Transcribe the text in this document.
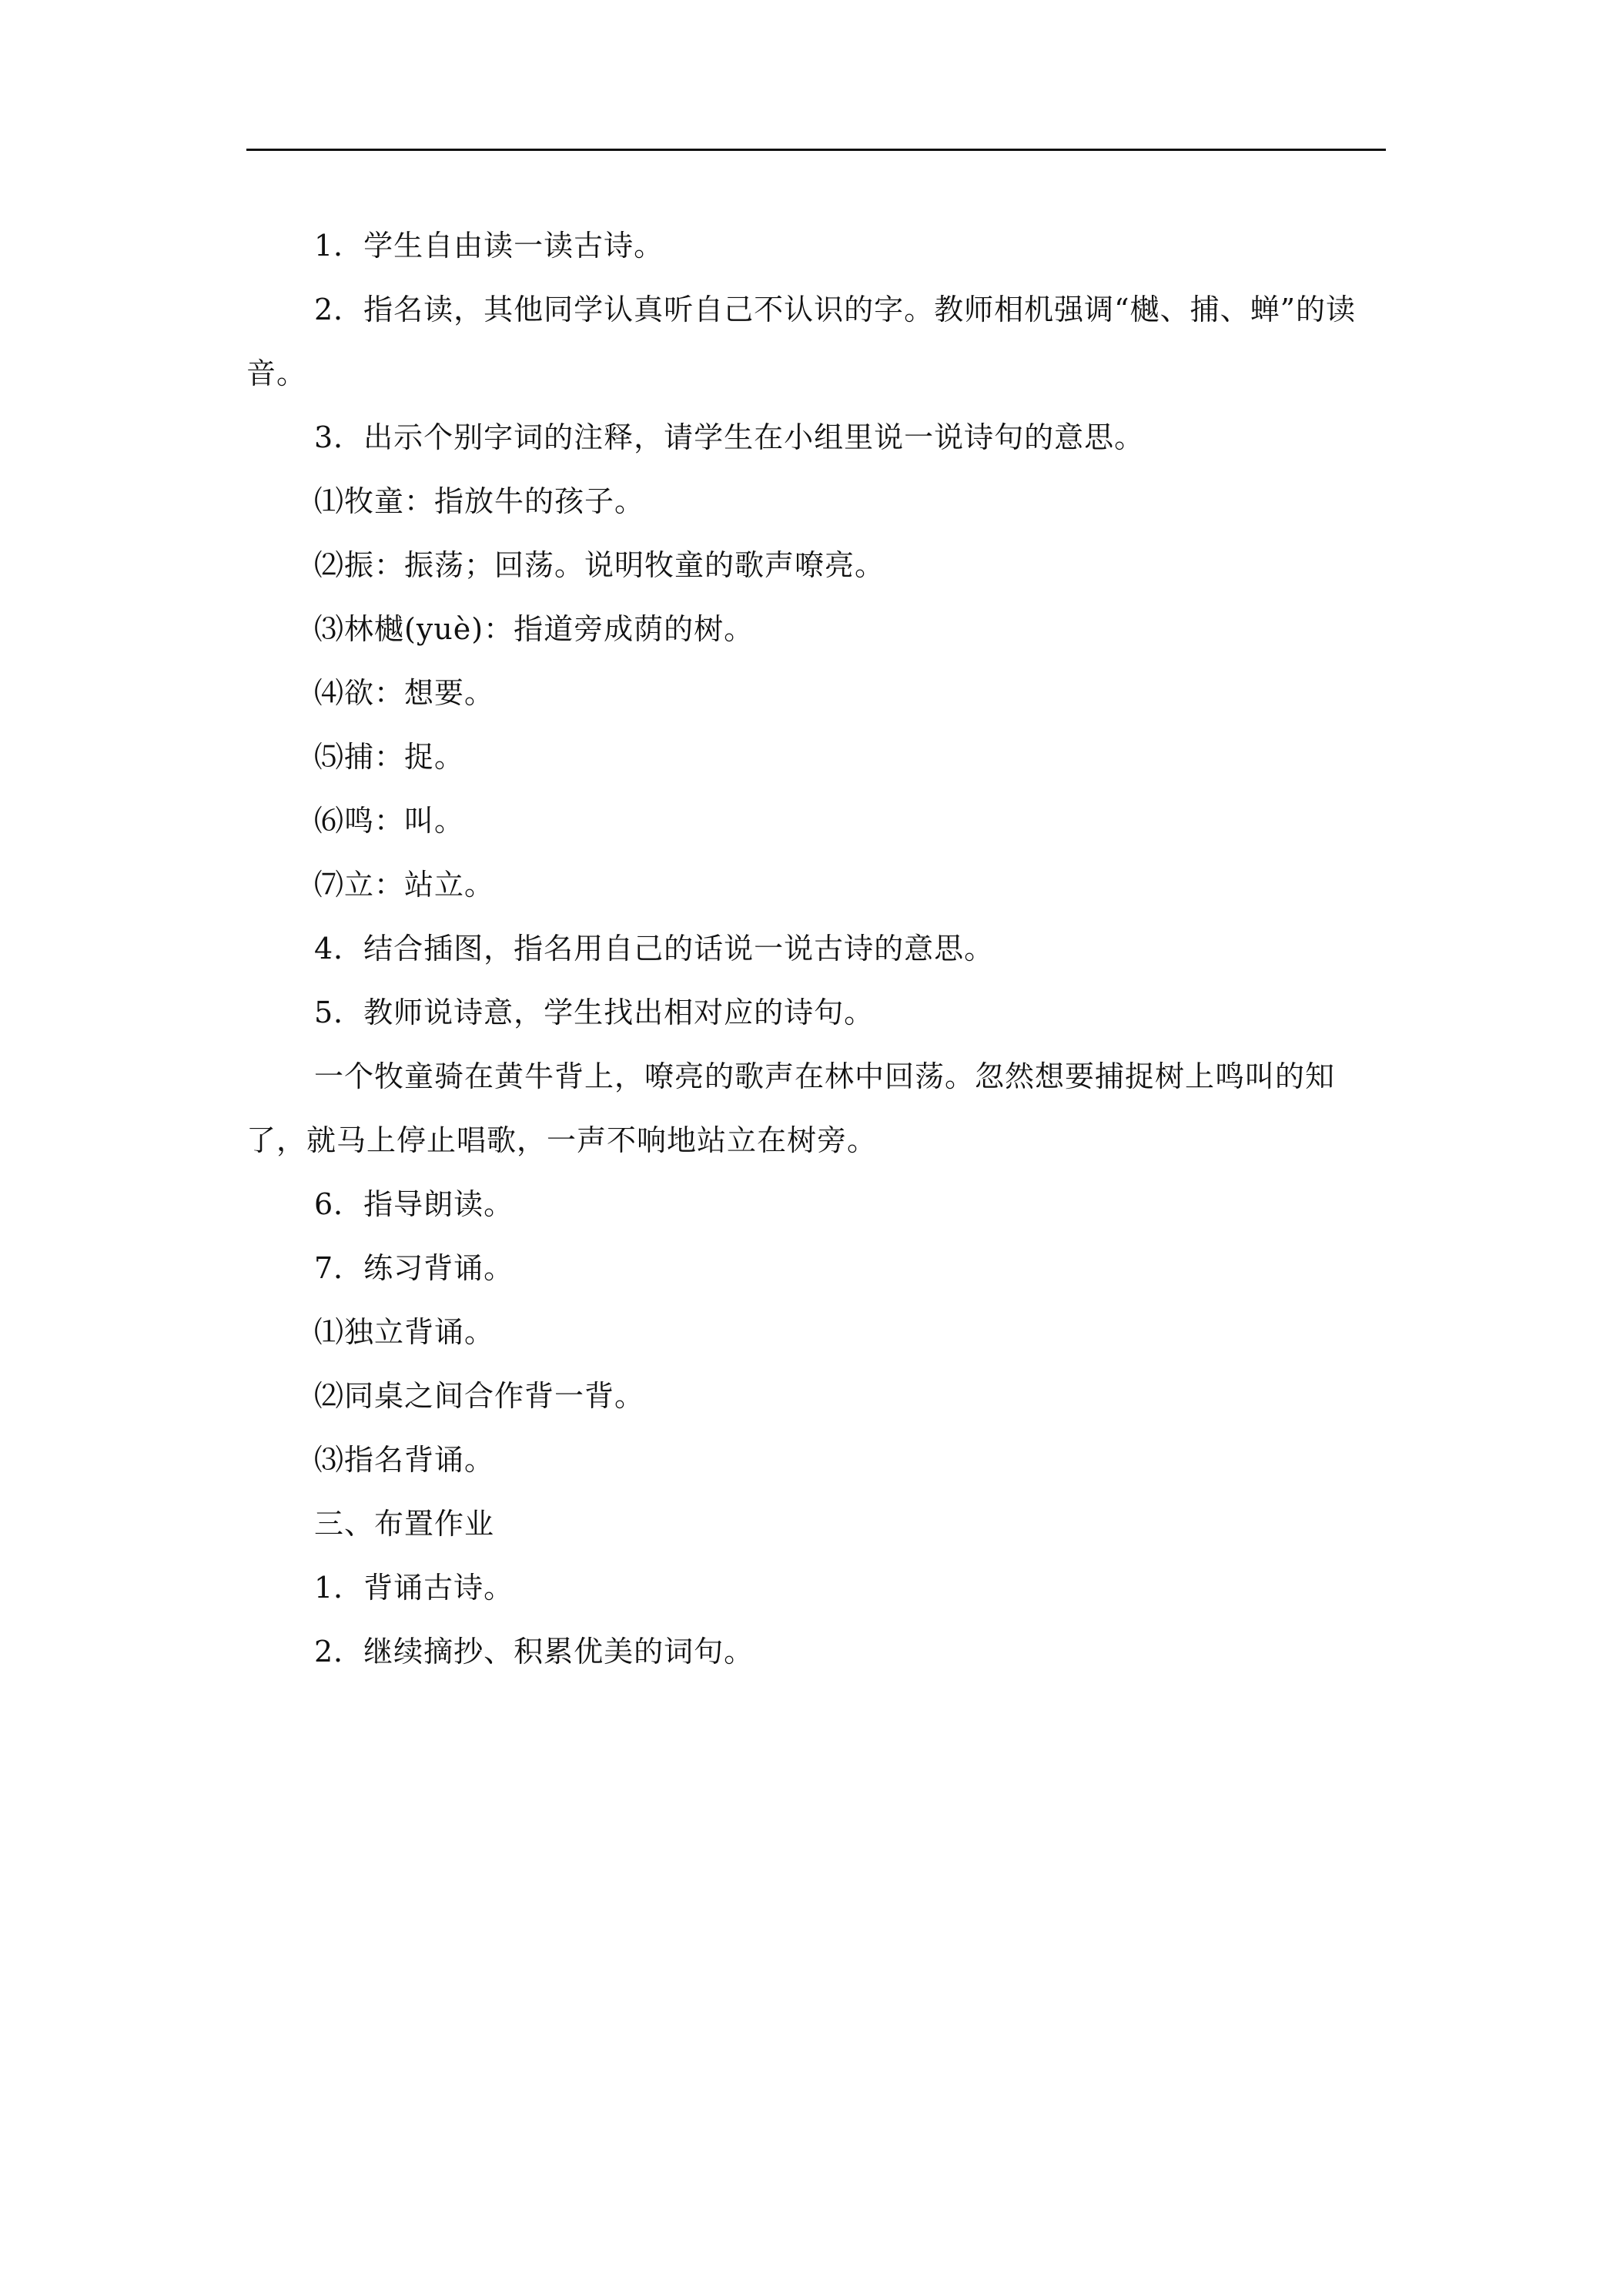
1．学生自由读一读古诗。

2．指名读，其他同学认真听自己不认识的字。教师相机强调“樾、捕、蝉”的读音。

3．出示个别字词的注释，请学生在小组里说一说诗句的意思。

⑴牧童：指放牛的孩子。

⑵振：振荡；回荡。说明牧童的歌声嘹亮。

⑶林樾(yuè)：指道旁成荫的树。

⑷欲：想要。

⑸捕：捉。

⑹鸣：叫。

⑺立：站立。

4．结合插图，指名用自己的话说一说古诗的意思。

5．教师说诗意，学生找出相对应的诗句。

一个牧童骑在黄牛背上，嘹亮的歌声在林中回荡。忽然想要捕捉树上鸣叫的知了，就马上停止唱歌，一声不响地站立在树旁。

6．指导朗读。

7．练习背诵。

⑴独立背诵。

⑵同桌之间合作背一背。

⑶指名背诵。

三、布置作业

1．背诵古诗。

2．继续摘抄、积累优美的词句。
